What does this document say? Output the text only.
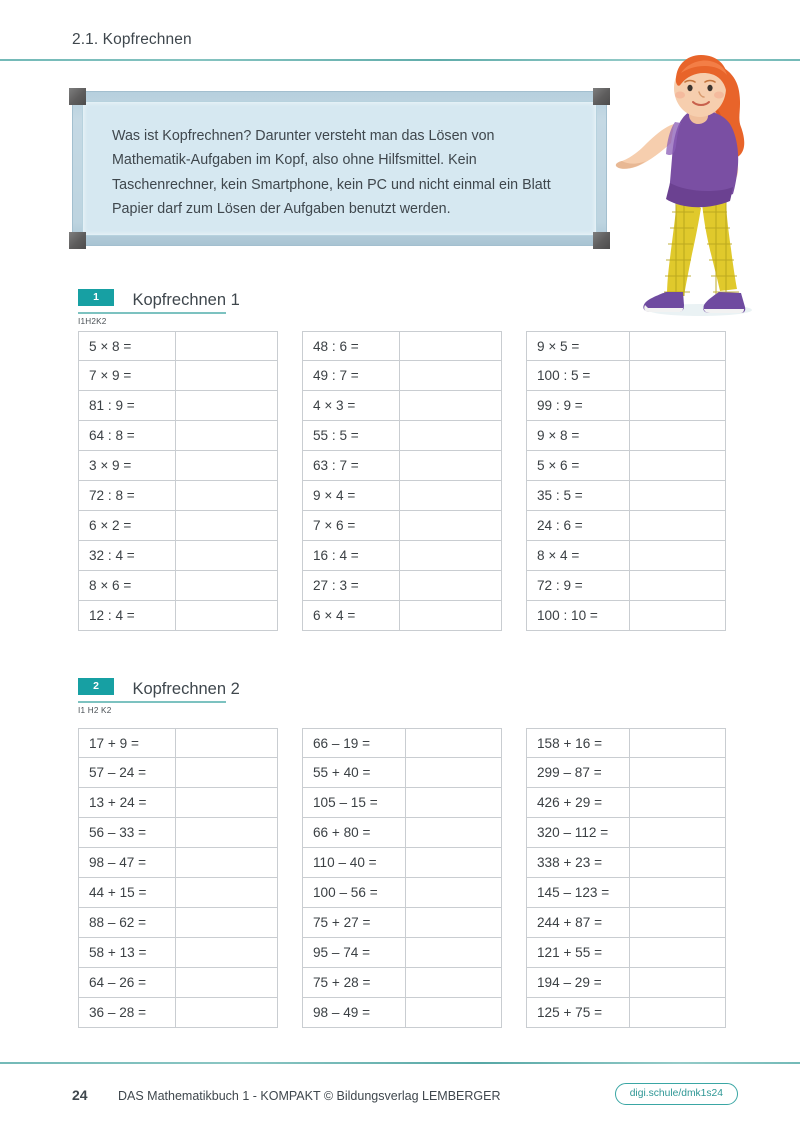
2.1. Kopfrechnen
Was ist Kopfrechnen? Darunter versteht man das Lösen von Mathematik-Aufgaben im Kopf, also ohne Hilfsmittel. Kein Taschenrechner, kein Smartphone, kein PC und nicht einmal ein Blatt Papier darf zum Lösen der Aufgaben benutzt werden.
1 Kopfrechnen 1
I1H2K2
5 × 8 =
7 × 9 =
81 : 9 =
64 : 8 =
3 × 9 =
72 : 8 =
6 × 2 =
32 : 4 =
8 × 6 =
12 : 4 =
48 : 6 =
49 : 7 =
4 × 3 =
55 : 5 =
63 : 7 =
9 × 4 =
7 × 6 =
16 : 4 =
27 : 3 =
6 × 4 =
9 × 5 =
100 : 5 =
99 : 9 =
9 × 8 =
5 × 6 =
35 : 5 =
24 : 6 =
8 × 4 =
72 : 9 =
100 : 10 =
2 Kopfrechnen 2
I1 H2 K2
17 + 9 =
57 – 24 =
13 + 24 =
56 – 33 =
98 – 47 =
44 + 15 =
88 – 62 =
58 + 13 =
64 – 26 =
36 – 28 =
66 – 19 =
55 + 40 =
105 – 15 =
66 + 80 =
110 – 40 =
100 – 56 =
75 + 27 =
95 – 74 =
75 + 28 =
98 – 49 =
158 + 16 =
299 – 87 =
426 + 29 =
320 – 112 =
338 + 23 =
145 – 123 =
244 + 87 =
121 + 55 =
194 – 29 =
125 + 75 =
24 DAS Mathematikbuch 1 - KOMPAKT © Bildungsverlag LEMBERGER	digi.schule/dmk1s24
